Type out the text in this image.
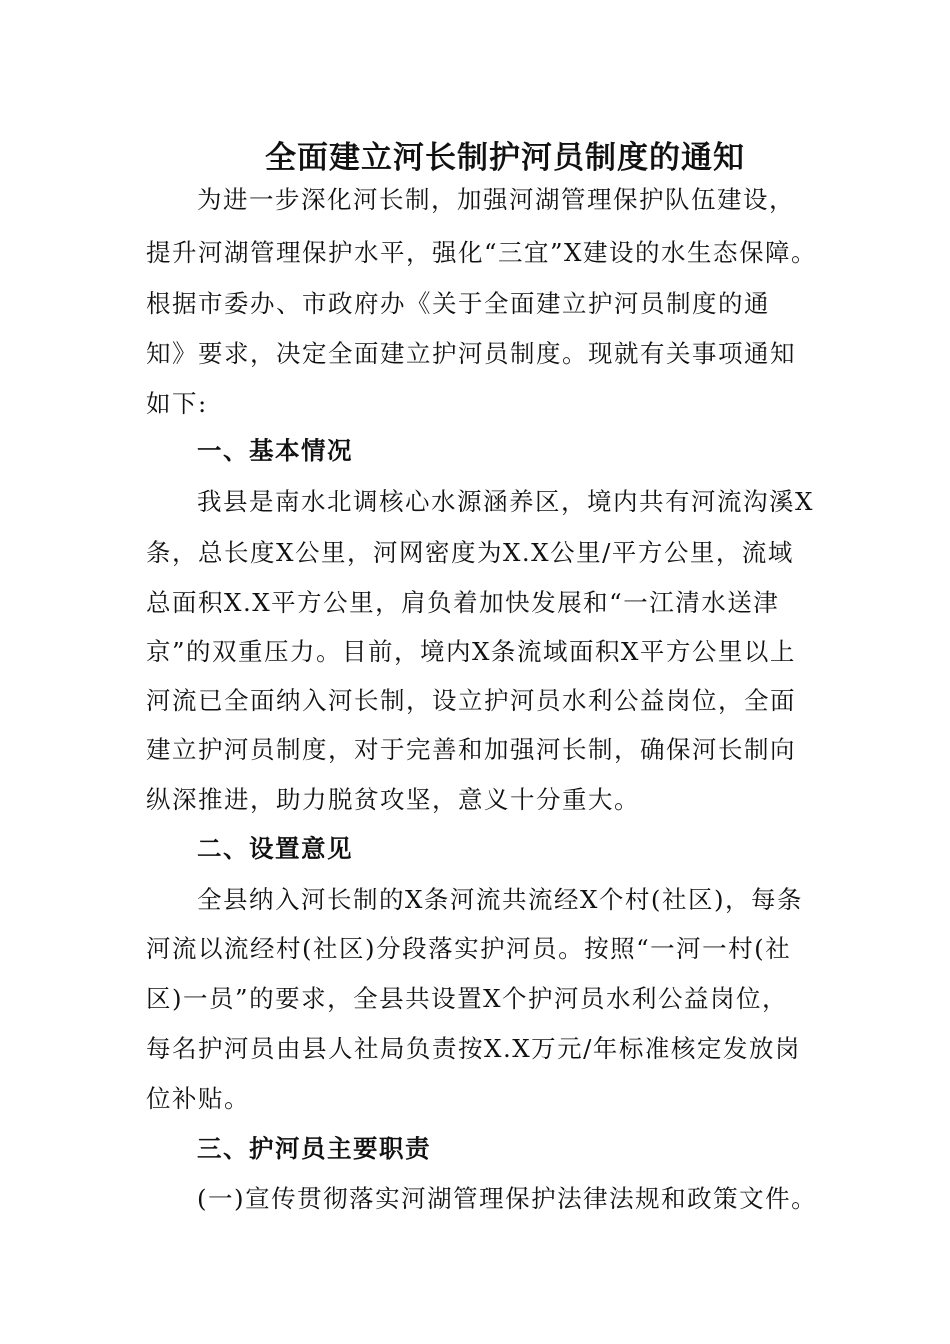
全面建立河长制护河员制度的通知
为进一步深化河长制，加强河湖管理保护队伍建设，
提升河湖管理保护水平，强化“三宜”X建设的水生态保障。
根据市委办、市政府办《关于全面建立护河员制度的通
知》要求，决定全面建立护河员制度。现就有关事项通知
如下:
一、基本情况
我县是南水北调核心水源涵养区，境内共有河流沟溪X
条，总长度X公里，河网密度为X.X公里/平方公里，流域
总面积X.X平方公里，肩负着加快发展和“一江清水送津
京”的双重压力。目前，境内X条流域面积X平方公里以上
河流已全面纳入河长制，设立护河员水利公益岗位，全面
建立护河员制度，对于完善和加强河长制，确保河长制向
纵深推进，助力脱贫攻坚，意义十分重大。
二、设置意见
全县纳入河长制的X条河流共流经X个村(社区)，每条
河流以流经村(社区)分段落实护河员。按照“一河一村(社
区)一员”的要求，全县共设置X个护河员水利公益岗位，
每名护河员由县人社局负责按X.X万元/年标准核定发放岗
位补贴。
三、护河员主要职责
(一)宣传贯彻落实河湖管理保护法律法规和政策文件。
